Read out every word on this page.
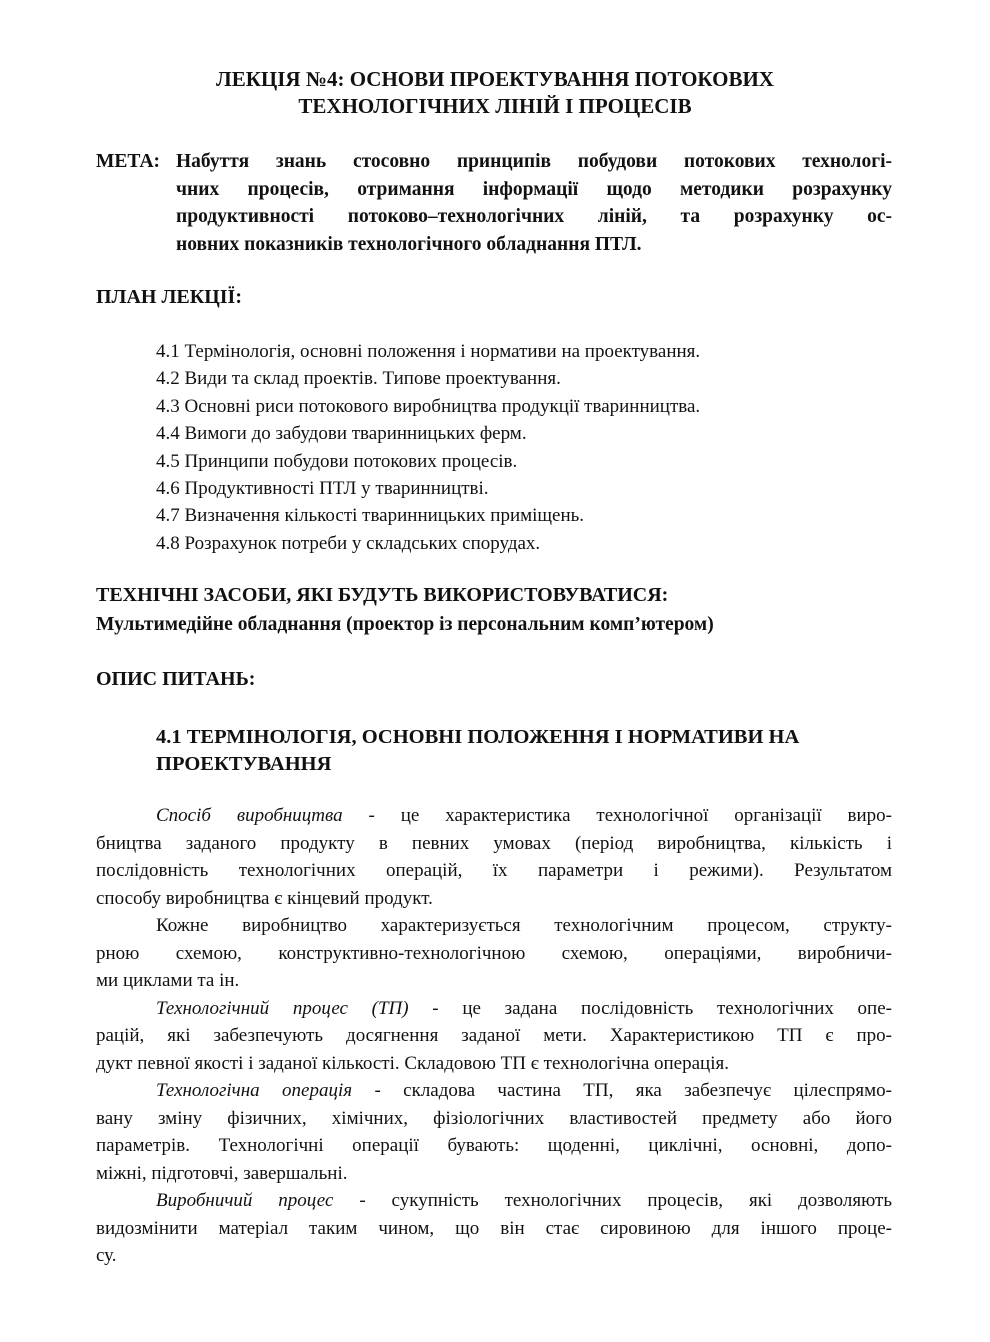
ЛЕКЦІЯ №4: ОСНОВИ ПРОЕКТУВАННЯ ПОТОКОВИХ
ТЕХНОЛОГІЧНИХ ЛІНІЙ І ПРОЦЕСІВ
МЕТА: Набуття знань стосовно принципів побудови потокових технологі-
чних процесів, отримання інформації щодо методики розрахунку
продуктивності потоково–технологічних ліній, та розрахунку ос-
новних показників технологічного обладнання ПТЛ.
ПЛАН ЛЕКЦІЇ:
4.1 Термінологія, основні положення і нормативи на проектування.
4.2 Види та склад проектів. Типове проектування.
4.3 Основні риси потокового виробництва продукції тваринництва.
4.4 Вимоги до забудови тваринницьких ферм.
4.5 Принципи побудови потокових процесів.
4.6 Продуктивності ПТЛ у тваринництві.
4.7 Визначення кількості тваринницьких приміщень.
4.8 Розрахунок потреби у складських спорудах.
ТЕХНІЧНІ ЗАСОБИ, ЯКІ БУДУТЬ ВИКОРИСТОВУВАТИСЯ:
Мультимедійне обладнання (проектор із персональним комп’ютером)
ОПИС ПИТАНЬ:
4.1 ТЕРМІНОЛОГІЯ, ОСНОВНІ ПОЛОЖЕННЯ І НОРМАТИВИ НА
ПРОЕКТУВАННЯ
Спосіб виробництва - це характеристика технологічної організації виро-
бництва заданого продукту в певних умовах (період виробництва, кількість і
послідовність технологічних операцій, їх параметри і режими). Результатом
способу виробництва є кінцевий продукт.
Кожне виробництво характеризується технологічним процесом, структу-
рною схемою, конструктивно-технологічною схемою, операціями, виробничи-
ми циклами та ін.
Технологічний процес (ТП) - це задана послідовність технологічних опе-
рацій, які забезпечують досягнення заданої мети. Характеристикою ТП є про-
дукт певної якості і заданої кількості. Складовою ТП є технологічна операція.
Технологічна операція - складова частина ТП, яка забезпечує цілеспрямо-
вану зміну фізичних, хімічних, фізіологічних властивостей предмету або його
параметрів. Технологічні операції бувають: щоденні, циклічні, основні, допо-
міжні, підготовчі, завершальні.
Виробничий процес - сукупність технологічних процесів, які дозволяють
видозмінити матеріал таким чином, що він стає сировиною для іншого проце-
су.
